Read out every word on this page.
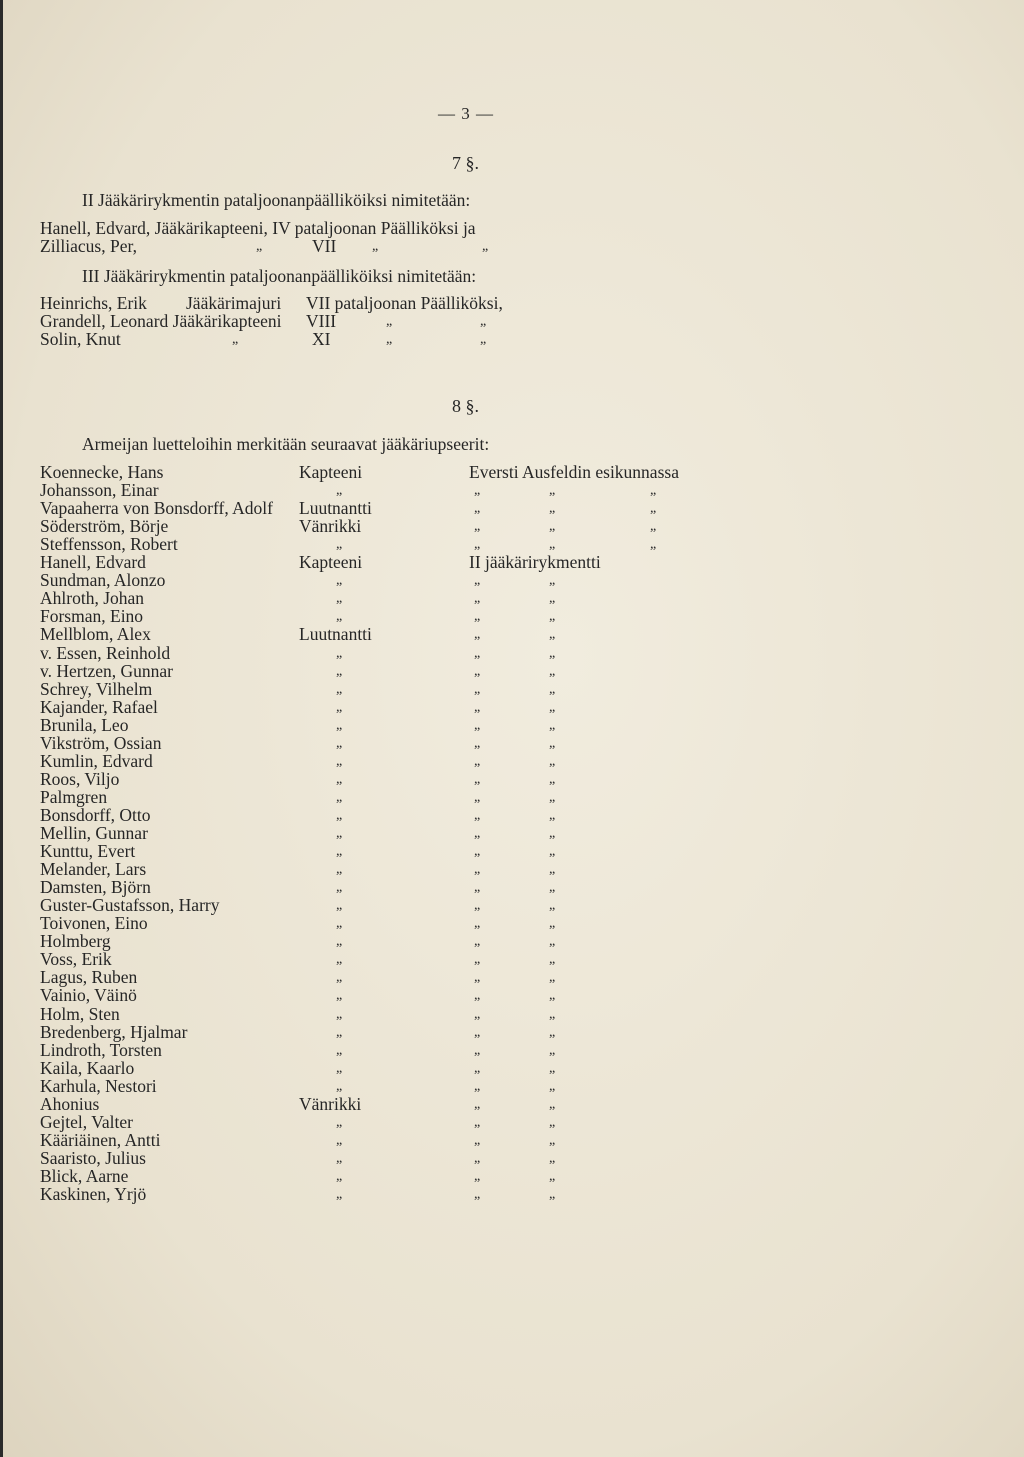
— 3 —
7 §.
II Jääkärirykmentin pataljoonanpäälliköiksi nimitetään:
Hanell, Edvard, Jääkärikapteeni, IV pataljoonan Päälliköksi ja
Zilliacus, Per,	„	VII	„	„
III Jääkärirykmentin pataljoonanpäälliköiksi nimitetään:
Heinrichs, Erik Jääkärimajuri VII pataljoonan Päälliköksi,
Grandell, Leonard Jääkärikapteeni VIII	„	„
Solin, Knut	„	XI	„	„
8 §.
Armeijan luetteloihin merkitään seuraavat jääkäriupseerit:
Koennecke, Hans	Kapteeni	Eversti Ausfeldin esikunnassa
Johansson, Einar	„	„	„	„
Vapaaherra von Bonsdorff, Adolf Luutnantti	„	„	„
Söderström, Börje	Vänrikki	„	„	„
Steffensson, Robert	„	„	„	„
Hanell, Edvard	Kapteeni	II jääkärirykmentti
Sundman, Alonzo	„	„	„
Ahlroth, Johan	„	„	„
Forsman, Eino	„	„	„
Mellblom, Alex	Luutnantti	„	„
v. Essen, Reinhold	„	„	„
v. Hertzen, Gunnar	„	„	„
Schrey, Vilhelm	„	„	„
Kajander, Rafael	„	„	„
Brunila, Leo	„	„	„
Vikström, Ossian	„	„	„
Kumlin, Edvard	„	„	„
Roos, Viljo	„	„	„
Palmgren	„	„	„
Bonsdorff, Otto	„	„	„
Mellin, Gunnar	„	„	„
Kunttu, Evert	„	„	„
Melander, Lars	„	„	„
Damsten, Björn	„	„	„
Guster-Gustafsson, Harry	„	„	„
Toivonen, Eino	„	„	„
Holmberg	„	„	„
Voss, Erik	„	„	„
Lagus, Ruben	„	„	„
Vainio, Väinö	„	„	„
Holm, Sten	„	„	„
Bredenberg, Hjalmar	„	„	„
Lindroth, Torsten	„	„	„
Kaila, Kaarlo	„	„	„
Karhula, Nestori	„	„	„
Ahonius	Vänrikki	„	„
Gejtel, Valter	„	„	„
Kääriäinen, Antti	„	„	„
Saaristo, Julius	„	„	„
Blick, Aarne	„	„	„
Kaskinen, Yrjö	„	„	„
